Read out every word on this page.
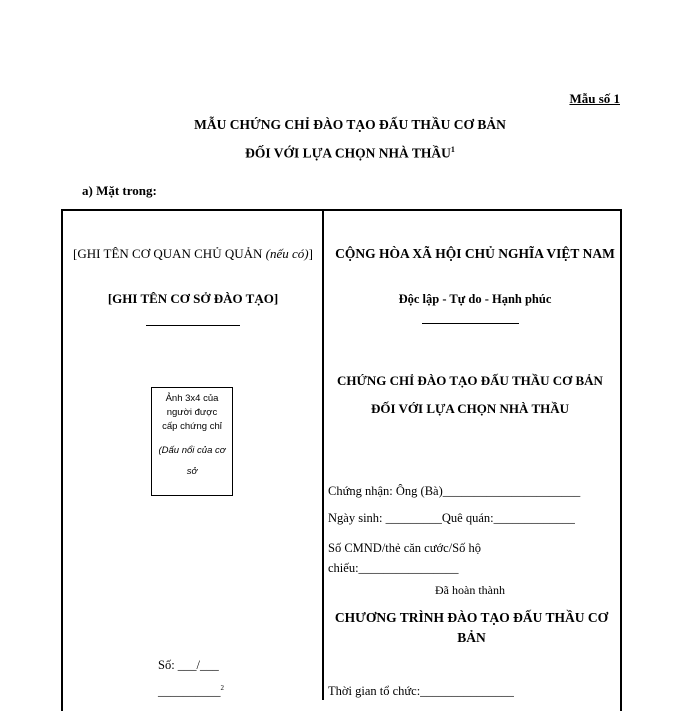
Mẫu số 1
MẪU CHỨNG CHỈ ĐÀO TẠO ĐẤU THẦU CƠ BẢN
ĐỐI VỚI LỰA CHỌN NHÀ THẦU$^1$
a) Mặt trong:
[GHI TÊN CƠ QUAN CHỦ QUẢN (nếu có)]
[GHI TÊN CƠ SỞ ĐÀO TẠO]
Ảnh 3x4 của người được cấp chứng chỉ
(Dấu nổi của cơ sở
Số: ___/___
__________$^2$
CỘNG HÒA XÃ HỘI CHỦ NGHĨA VIỆT NAM
Độc lập - Tự do - Hạnh phúc
CHỨNG CHỈ ĐÀO TẠO ĐẤU THẦU CƠ BẢN
ĐỐI VỚI LỰA CHỌN NHÀ THẦU
Chứng nhận: Ông (Bà)______________________
Ngày sinh: _________Quê quán:_____________
Số CMND/thẻ căn cước/Số hộ chiếu:________________
Đã hoàn thành
CHƯƠNG TRÌNH ĐÀO TẠO ĐẤU THẦU CƠ BẢN
Thời gian tổ chức:_______________
